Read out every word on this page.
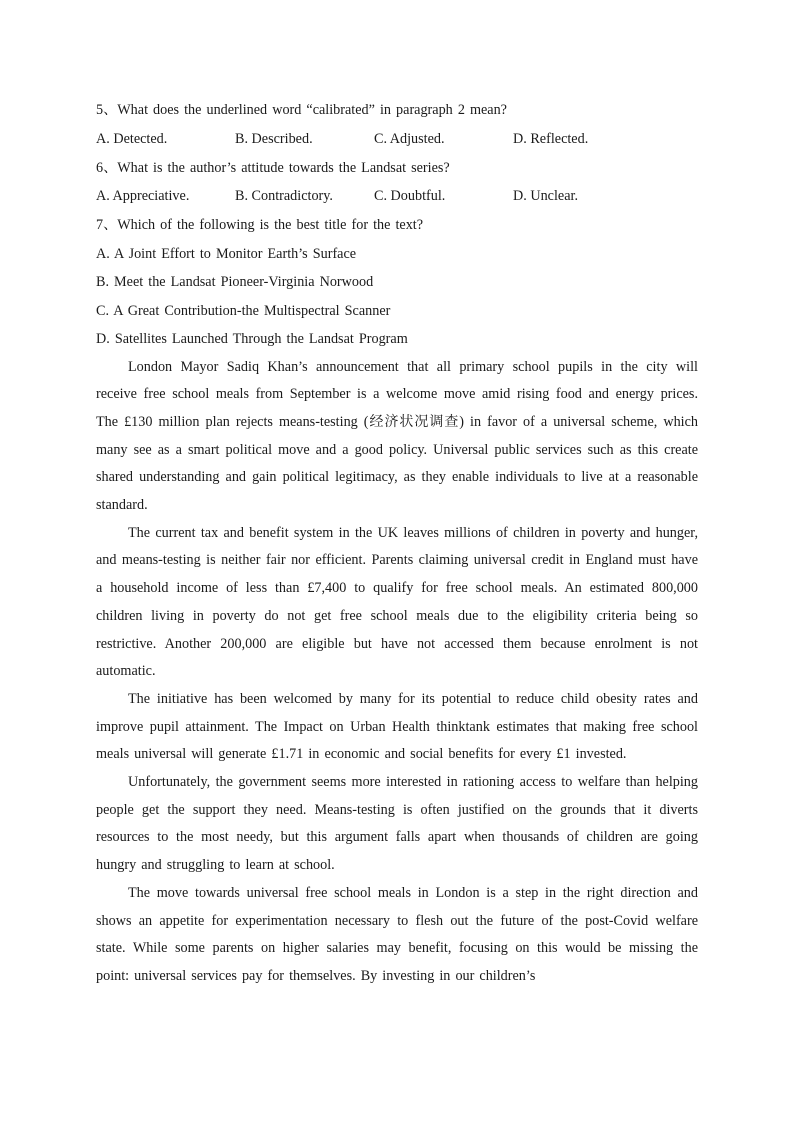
5、What does the underlined word “calibrated” in paragraph 2 mean?
A. Detected.	B. Described.	C. Adjusted.	D. Reflected.
6、What is the author’s attitude towards the Landsat series?
A. Appreciative.	B. Contradictory.	C. Doubtful.	D. Unclear.
7、Which of the following is the best title for the text?
A. A Joint Effort to Monitor Earth’s Surface
B. Meet the Landsat Pioneer-Virginia Norwood
C. A Great Contribution-the Multispectral Scanner
D. Satellites Launched Through the Landsat Program

London Mayor Sadiq Khan’s announcement that all primary school pupils in the city will receive free school meals from September is a welcome move amid rising food and energy prices. The £130 million plan rejects means-testing (经济状况调查) in favor of a universal scheme, which many see as a smart political move and a good policy. Universal public services such as this create shared understanding and gain political legitimacy, as they enable individuals to live at a reasonable standard.

The current tax and benefit system in the UK leaves millions of children in poverty and hunger, and means-testing is neither fair nor efficient. Parents claiming universal credit in England must have a household income of less than £7,400 to qualify for free school meals. An estimated 800,000 children living in poverty do not get free school meals due to the eligibility criteria being so restrictive. Another 200,000 are eligible but have not accessed them because enrolment is not automatic.

The initiative has been welcomed by many for its potential to reduce child obesity rates and improve pupil attainment. The Impact on Urban Health thinktank estimates that making free school meals universal will generate £1.71 in economic and social benefits for every £1 invested.

Unfortunately, the government seems more interested in rationing access to welfare than helping people get the support they need. Means-testing is often justified on the grounds that it diverts resources to the most needy, but this argument falls apart when thousands of children are going hungry and struggling to learn at school.

The move towards universal free school meals in London is a step in the right direction and shows an appetite for experimentation necessary to flesh out the future of the post-Covid welfare state. While some parents on higher salaries may benefit, focusing on this would be missing the point: universal services pay for themselves. By investing in our children’s
